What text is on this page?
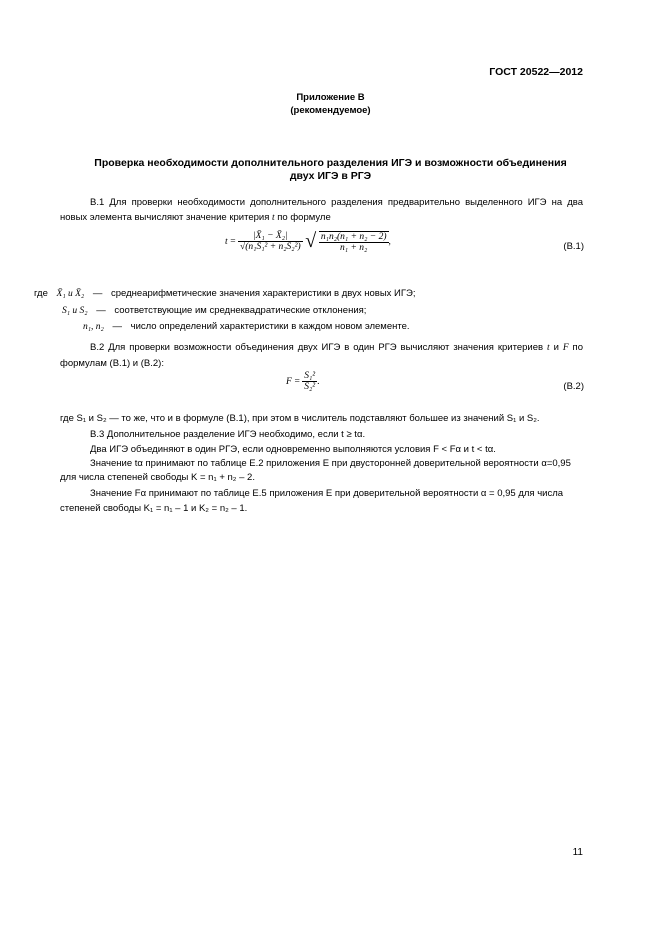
ГОСТ 20522—2012
Приложение В
(рекомендуемое)
Проверка необходимости дополнительного разделения ИГЭ и возможности объединения
двух ИГЭ в РГЭ
В.1 Для проверки необходимости дополнительного разделения предварительно выделенного ИГЭ на два новых элемента вычисляют значение критерия t по формуле
$t = \frac{\text{|X̄₁ − X̄₂|}}{\text{√(n₁S₁² + n₂S₂²)}}$ √ $\frac{\text{n₁n₂(n₁ + n₂ − 2)}}{\text{n₁ + n₂}}$ ,	(В.1)
где X̄₁ и X̄₂ — среднеарифметические значения характеристики в двух новых ИГЭ;
S₁ и S₂ — соответствующие им среднеквадратические отклонения;
n₁, n₂ — число определений характеристики в каждом новом элементе.
В.2 Для проверки возможности объединения двух ИГЭ в один РГЭ вычисляют значения критериев t и F по формулам (В.1) и (В.2):
$F = \frac{\text{S₁²}}{\text{S₂²}}$ .	(В.2)
где S₁ и S₂ — то же, что и в формуле (В.1), при этом в числитель подставляют большее из значений S₁ и S₂.
В.3 Дополнительное разделение ИГЭ необходимо, если t ≥ tα.
Два ИГЭ объединяют в один РГЭ, если одновременно выполняются условия F < Fα и t < tα.
Значение tα принимают по таблице Е.2 приложения Е при двусторонней доверительной вероятности α=0,95
для числа степеней свободы K = n₁ + n₂ – 2.
Значение Fα принимают по таблице Е.5 приложения Е при доверительной вероятности α = 0,95 для числа
степеней свободы K₁ = n₁ – 1 и K₂ = n₂ – 1.
11
